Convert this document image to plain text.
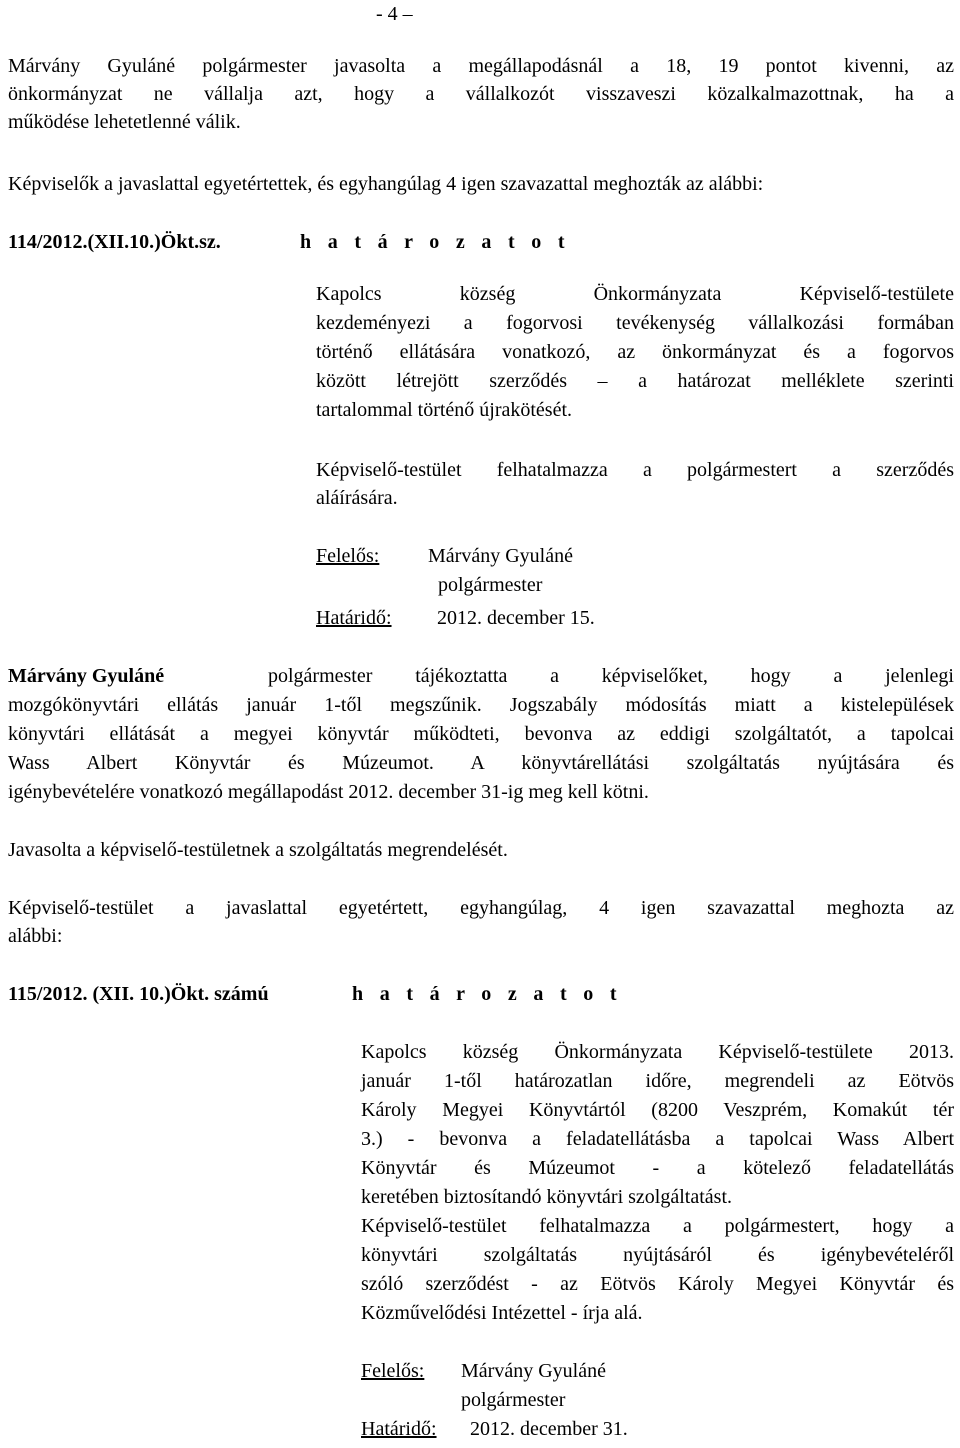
- 4 –
Márvány Gyuláné polgármester javasolta a megállapodásnál a 18, 19 pontot kivenni, az
önkormányzat ne vállalja azt, hogy a vállalkozót visszaveszi közalkalmazottnak, ha a
működése lehetetlenné válik.
Képviselők a javaslattal egyetértettek, és egyhangúlag 4 igen szavazattal meghozták az alábbi:
114/2012.(XII.10.)Ökt.sz.	h a t á r o z a t o t
Kapolcs község Önkormányzata Képviselő-testülete
kezdeményezi a fogorvosi tevékenység vállalkozási formában
történő ellátására vonatkozó, az önkormányzat és a fogorvos
között létrejött szerződés – a határozat melléklete szerinti
tartalommal történő újrakötését.
Képviselő-testület felhatalmazza a polgármestert a szerződés
aláírására.
Felelős: Márvány Gyuláné
polgármester
Határidő: 2012. december 15.
Márvány Gyuláné	polgármester tájékoztatta a képviselőket, hogy a jelenlegi
mozgókönyvtári ellátás január 1-től megszűnik. Jogszabály módosítás miatt a kistelepülések
könyvtári ellátását a megyei könyvtár működteti, bevonva az eddigi szolgáltatót, a tapolcai
Wass Albert Könyvtár és Múzeumot. A könyvtárellátási szolgáltatás nyújtására és
igénybevételére vonatkozó megállapodást 2012. december 31-ig meg kell kötni.
Javasolta a képviselő-testületnek a szolgáltatás megrendelését.
Képviselő-testület a javaslattal egyetértett, egyhangúlag, 4 igen szavazattal meghozta az
alábbi:
115/2012. (XII. 10.)Ökt. számú	h a t á r o z a t o t
Kapolcs község Önkormányzata Képviselő-testülete 2013.
január 1-től határozatlan időre, megrendeli az Eötvös
Károly Megyei Könyvtártól (8200 Veszprém, Komakút tér
3.) - bevonva a feladatellátásba a tapolcai Wass Albert
Könyvtár és Múzeumot - a kötelező feladatellátás
keretében biztosítandó könyvtári szolgáltatást.
Képviselő-testület felhatalmazza a polgármestert, hogy a
könyvtári szolgáltatás nyújtásáról és igénybevételéről
szóló szerződést - az Eötvös Károly Megyei Könyvtár és
Közművelődési Intézettel - írja alá.
Felelős: Márvány Gyuláné
polgármester
Határidő: 2012. december 31.
